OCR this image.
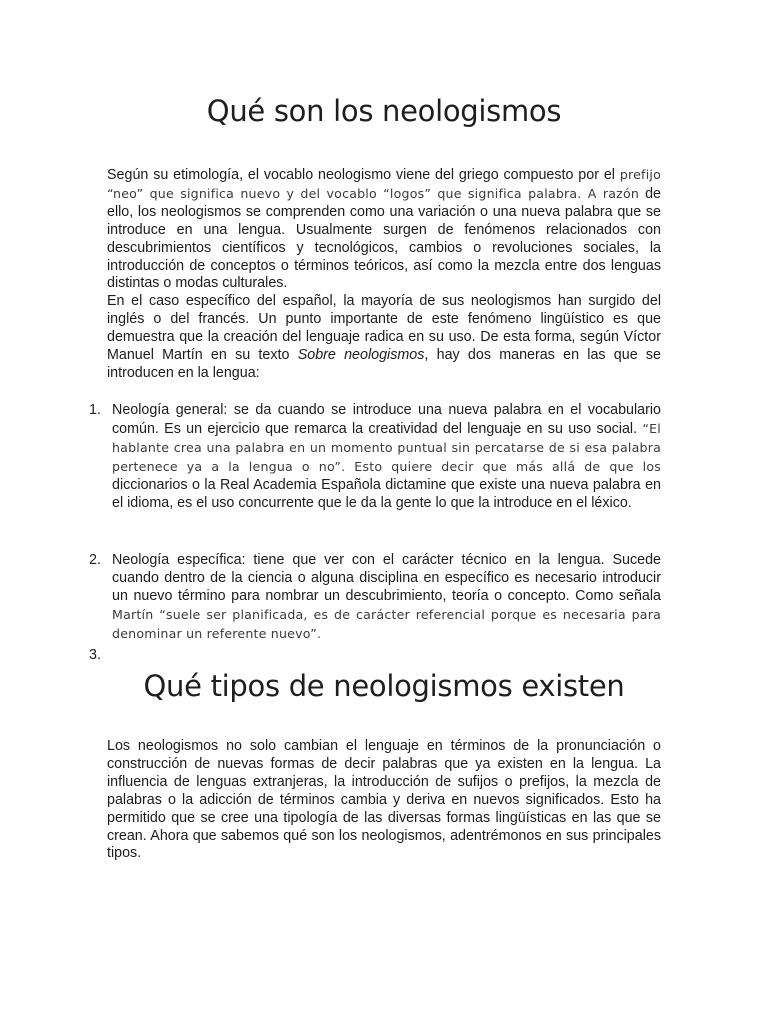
Qué son los neologismos

Según su etimología, el vocablo neologismo viene del griego compuesto por el prefijo “neo” que significa nuevo y del vocablo “logos” que significa palabra. A razón de ello, los neologismos se comprenden como una variación o una nueva palabra que se introduce en una lengua. Usualmente surgen de fenómenos relacionados con descubrimientos científicos y tecnológicos, cambios o revoluciones sociales, la introducción de conceptos o términos teóricos, así como la mezcla entre dos lenguas distintas o modas culturales.
En el caso específico del español, la mayoría de sus neologismos han surgido del inglés o del francés. Un punto importante de este fenómeno lingüístico es que demuestra que la creación del lenguaje radica en su uso. De esta forma, según Víctor Manuel Martín en su texto Sobre neologismos, hay dos maneras en las que se introducen en la lengua:

1. Neología general: se da cuando se introduce una nueva palabra en el vocabulario común. Es un ejercicio que remarca la creatividad del lenguaje en su uso social. “El hablante crea una palabra en un momento puntual sin percatarse de si esa palabra pertenece ya a la lengua o no”. Esto quiere decir que más allá de que los diccionarios o la Real Academia Española dictamine que existe una nueva palabra en el idioma, es el uso concurrente que le da la gente lo que la introduce en el léxico.

2. Neología específica: tiene que ver con el carácter técnico en la lengua. Sucede cuando dentro de la ciencia o alguna disciplina en específico es necesario introducir un nuevo término para nombrar un descubrimiento, teoría o concepto. Como señala Martín “suele ser planificada, es de carácter referencial porque es necesaria para denominar un referente nuevo”.

3.
Qué tipos de neologismos existen

Los neologismos no solo cambian el lenguaje en términos de la pronunciación o construcción de nuevas formas de decir palabras que ya existen en la lengua. La influencia de lenguas extranjeras, la introducción de sufijos o prefijos, la mezcla de palabras o la adicción de términos cambia y deriva en nuevos significados. Esto ha permitido que se cree una tipología de las diversas formas lingüísticas en las que se crean. Ahora que sabemos qué son los neologismos, adentrémonos en sus principales tipos.
